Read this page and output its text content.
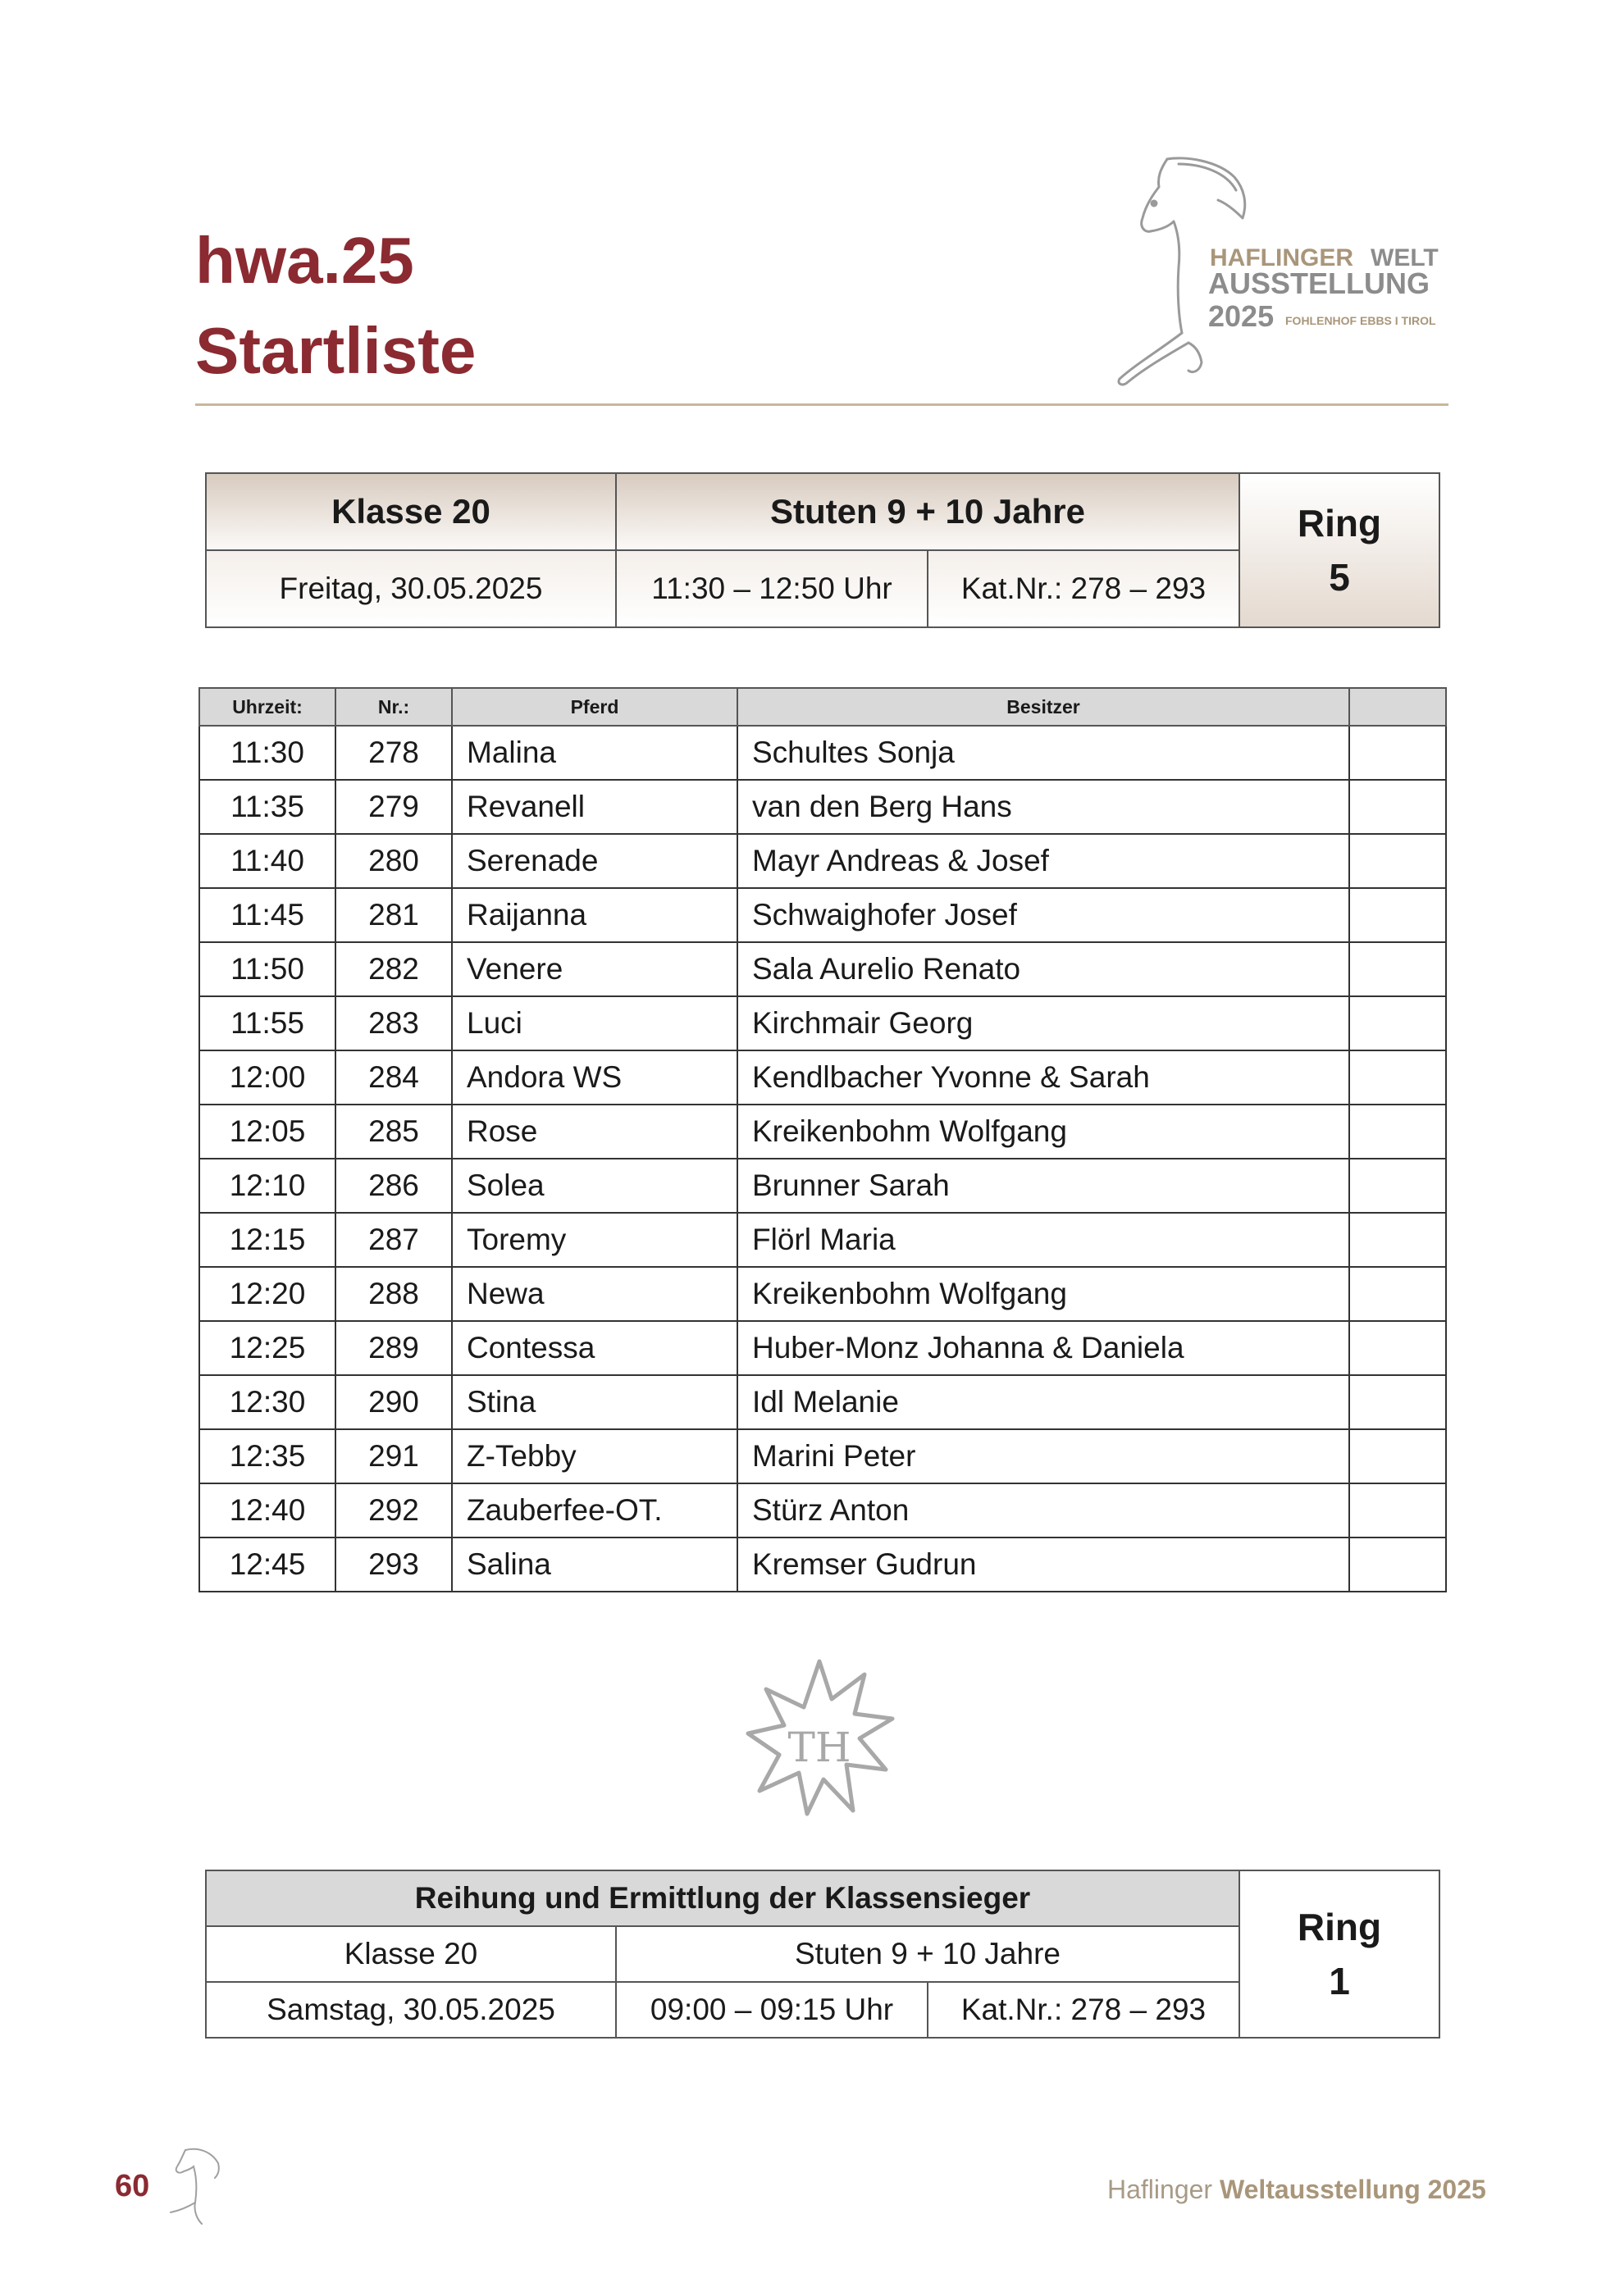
hwa.25
Startliste
HAFLINGER WELT
AUSSTELLUNG
2025 FOHLENHOF EBBS I TIROL
Klasse 20	Stuten 9 + 10 Jahre		Ring
5

Freitag, 30.05.2025	11:30 – 12:50 Uhr	Kat.Nr.: 278 – 293	
Uhrzeit:	Nr.:	Pferd	Besitzer	
11:30	278	Malina	Schultes Sonja	
11:35	279	Revanell	van den Berg Hans	
11:40	280	Serenade	Mayr Andreas & Josef	
11:45	281	Raijanna	Schwaighofer Josef	
11:50	282	Venere	Sala Aurelio Renato	
11:55	283	Luci	Kirchmair Georg	
12:00	284	Andora WS	Kendlbacher Yvonne & Sarah	
12:05	285	Rose	Kreikenbohm Wolfgang	
12:10	286	Solea	Brunner Sarah	
12:15	287	Toremy	Flörl Maria	
12:20	288	Newa	Kreikenbohm Wolfgang	
12:25	289	Contessa	Huber-Monz Johanna & Daniela	
12:30	290	Stina	Idl Melanie	
12:35	291	Z-Tebby	Marini Peter	
12:40	292	Zauberfee-OT.	Stürz Anton	
12:45	293	Salina	Kremser Gudrun	
TH
Reihung und Ermittlung der Klassensieger			Ring
1

Klasse 20	Stuten 9 + 10 Jahre		
Samstag, 30.05.2025	09:00 – 09:15 Uhr	Kat.Nr.: 278 – 293	
60	Haflinger Weltausstellung 2025
